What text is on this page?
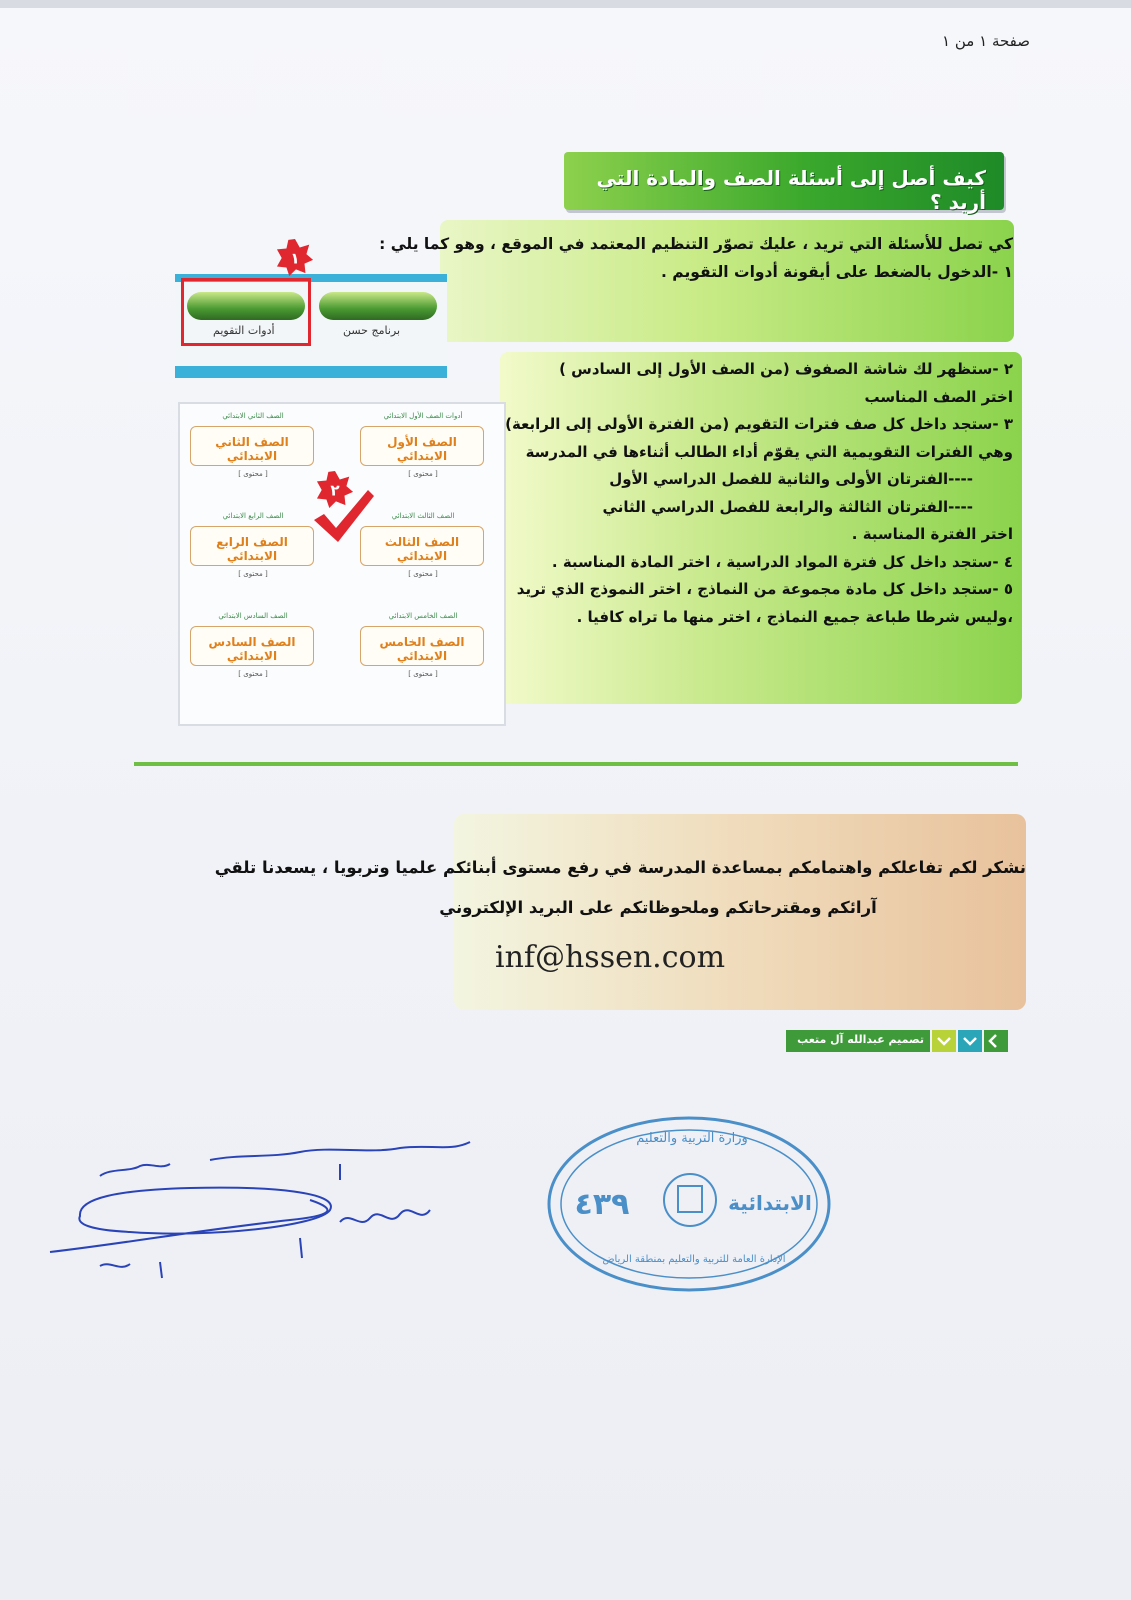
صفحة ١ من ١
كيف أصل إلى أسئلة الصف والمادة التي أريد ؟
كي تصل للأسئلة التي تريد ، عليك تصوّر التنظيم المعتمد في الموقع ، وهو كما يلي :
١ -الدخول بالضغط على أيقونة أدوات التقويم .
٢ -ستظهر لك شاشة الصفوف (من الصف الأول إلى السادس )
اختر الصف المناسب
٣ -ستجد داخل كل صف فترات التقويم (من الفترة الأولى إلى الرابعة)
وهي الفترات التقويمية التي يقوّم أداء الطالب أثناءها في المدرسة
----الفترتان الأولى والثانية للفصل الدراسي الأول
----الفترتان الثالثة والرابعة للفصل الدراسي الثاني
اختر الفترة المناسبة .
٤ -ستجد داخل كل فترة المواد الدراسية ، اختر المادة المناسبة .
٥ -ستجد داخل كل مادة مجموعة من النماذج ، اختر النموذج الذي تريد
،وليس شرطا طباعة جميع النماذج ، اختر منها ما تراه كافيا .
أدوات التقويم	برنامج حسن
١
أدوات الصف الأول الابتدائي
الصف الأول الابتدائي
[ محتوى ]
الصف الثاني الابتدائي
الصف الثاني الابتدائي
[ محتوى ]
الصف الثالث الابتدائي
الصف الثالث الابتدائي
[ محتوى ]
الصف الرابع الابتدائي
الصف الرابع الابتدائي
[ محتوى ]
الصف الخامس الابتدائي
الصف الخامس الابتدائي
[ محتوى ]
الصف السادس الابتدائي
الصف السادس الابتدائي
[ محتوى ]
٢
نشكر لكم تفاعلكم واهتمامكم بمساعدة المدرسة في رفع مستوى أبنائكم علميا وتربويا ، يسعدنا تلقي
آرائكم ومقترحاتكم وملحوظاتكم على البريد الإلكتروني
inf@hssen.com
تصميم عبدالله آل متعب
وزارة التربية والتعليم
٤٣٩	الابتدائية
الإدارة العامة للتربية والتعليم بمنطقة الرياض
